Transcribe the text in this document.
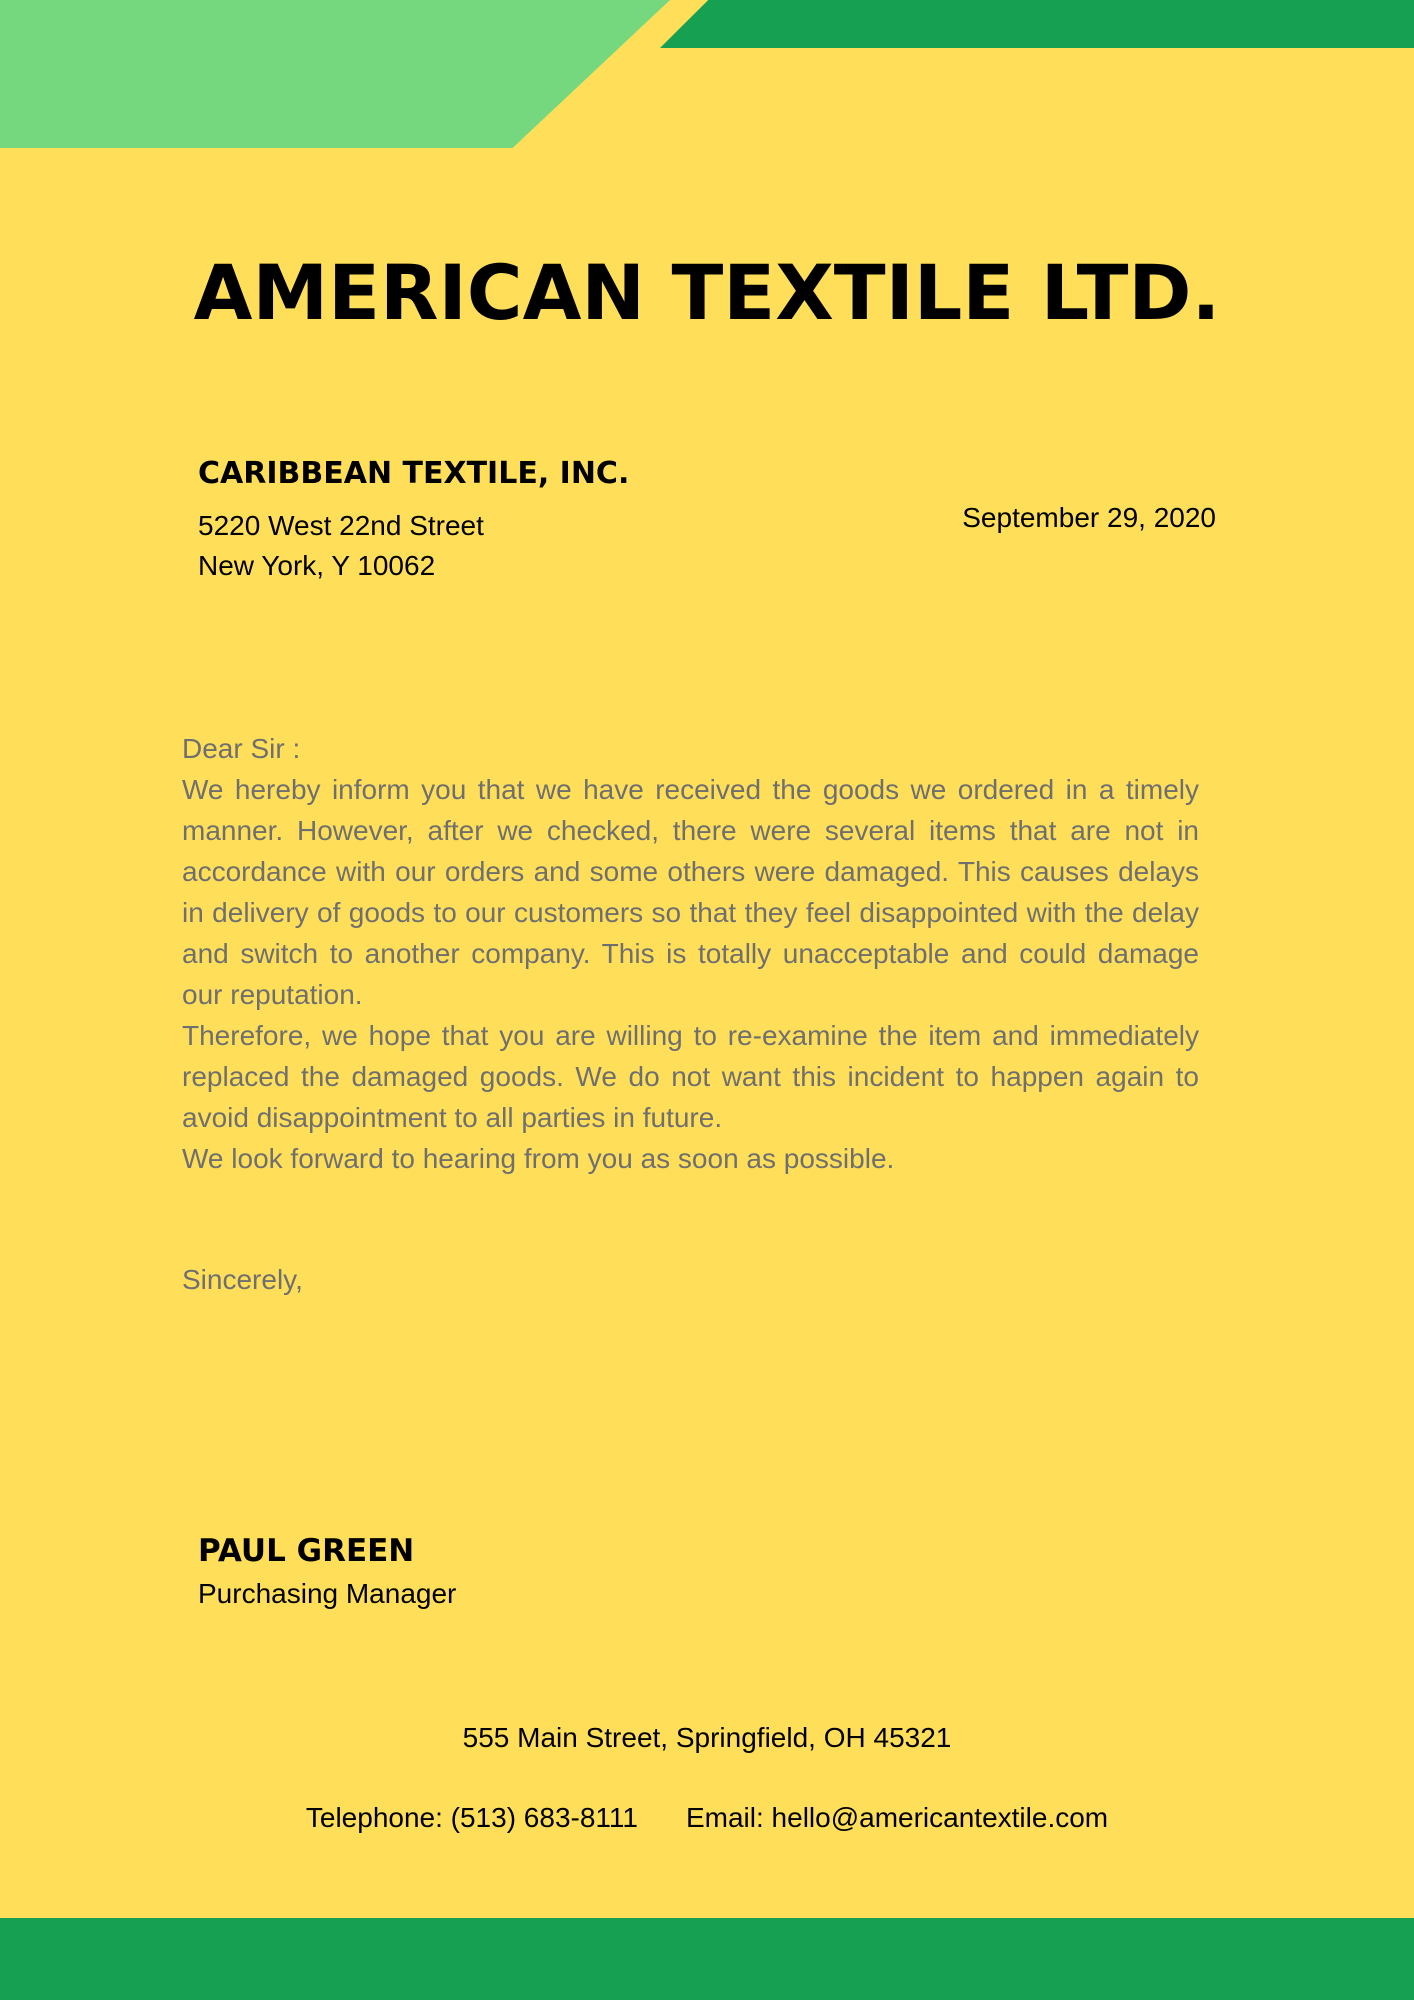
AMERICAN TEXTILE LTD.
CARIBBEAN TEXTILE, INC.
5220 West 22nd Street
New York, Y 10062
September 29, 2020

Dear Sir :

We hereby inform you that we have received the goods we ordered in a timely manner. However, after we checked, there were several items that are not in accordance with our orders and some others were damaged. This causes delays in delivery of goods to our customers so that they feel disappointed with the delay and switch to another company. This is totally unacceptable and could damage our reputation.

Therefore, we hope that you are willing to re-examine the item and immediately replaced the damaged goods. We do not want this incident to happen again to avoid disappointment to all parties in future.

We look forward to hearing from you as soon as possible.

Sincerely,
PAUL GREEN
Purchasing Manager
555 Main Street, Springfield, OH 45321
Telephone: (513) 683-8111 Email: hello@americantextile.com
